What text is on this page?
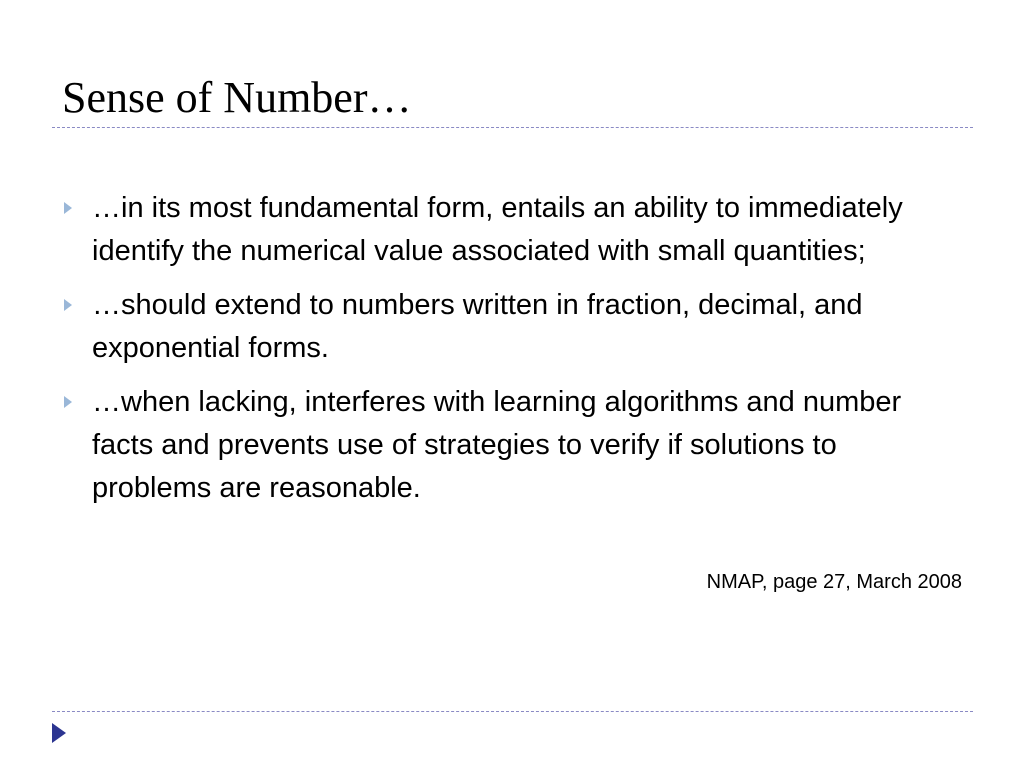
Sense of Number…
…in its most fundamental form, entails an ability to immediately identify the numerical value associated with small quantities;
…should extend to numbers written in fraction, decimal, and exponential forms.
…when lacking, interferes with learning algorithms and number facts and prevents use of strategies to verify if solutions to problems are reasonable.

NMAP, page 27, March 2008
